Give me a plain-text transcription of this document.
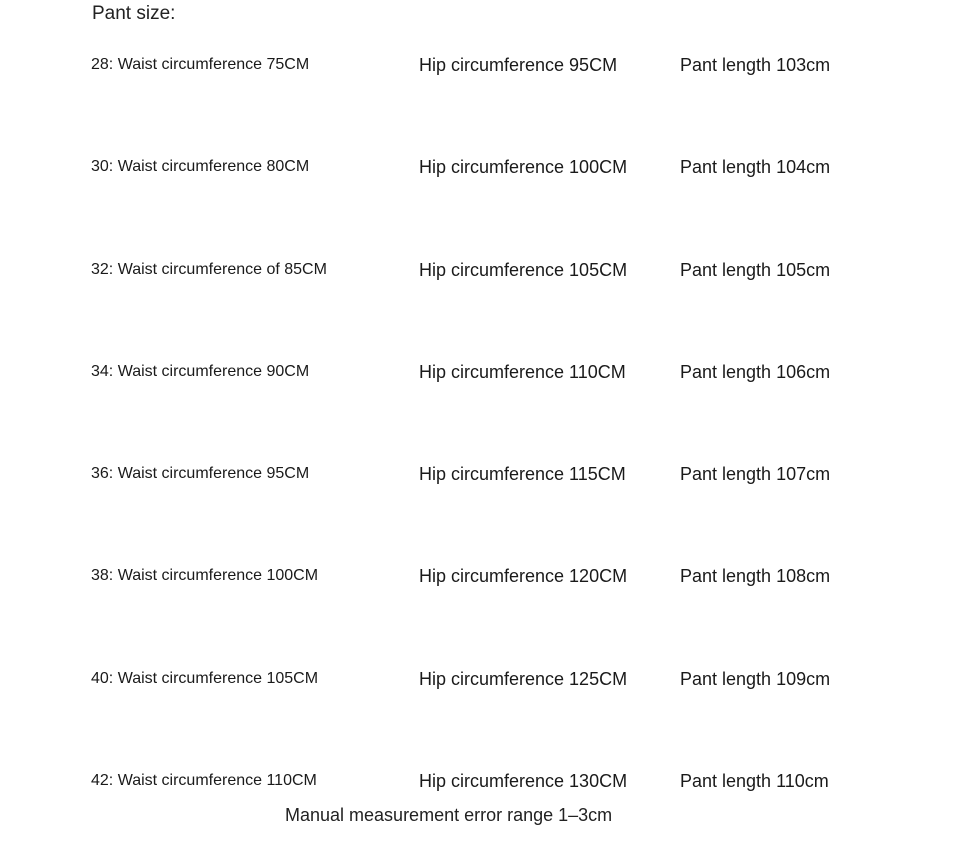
Pant size:
28: Waist circumference 75CM	Hip circumference 95CM	Pant length 103cm
30: Waist circumference 80CM	Hip circumference 100CM	Pant length 104cm
32: Waist circumference of 85CM	Hip circumference 105CM	Pant length 105cm
34: Waist circumference 90CM	Hip circumference 110CM	Pant length 106cm
36: Waist circumference 95CM	Hip circumference 115CM	Pant length 107cm
38: Waist circumference 100CM	Hip circumference 120CM	Pant length 108cm
40: Waist circumference 105CM	Hip circumference 125CM	Pant length 109cm
42: Waist circumference 110CM	Hip circumference 130CM	Pant length 110cm
Manual measurement error range 1–3cm
